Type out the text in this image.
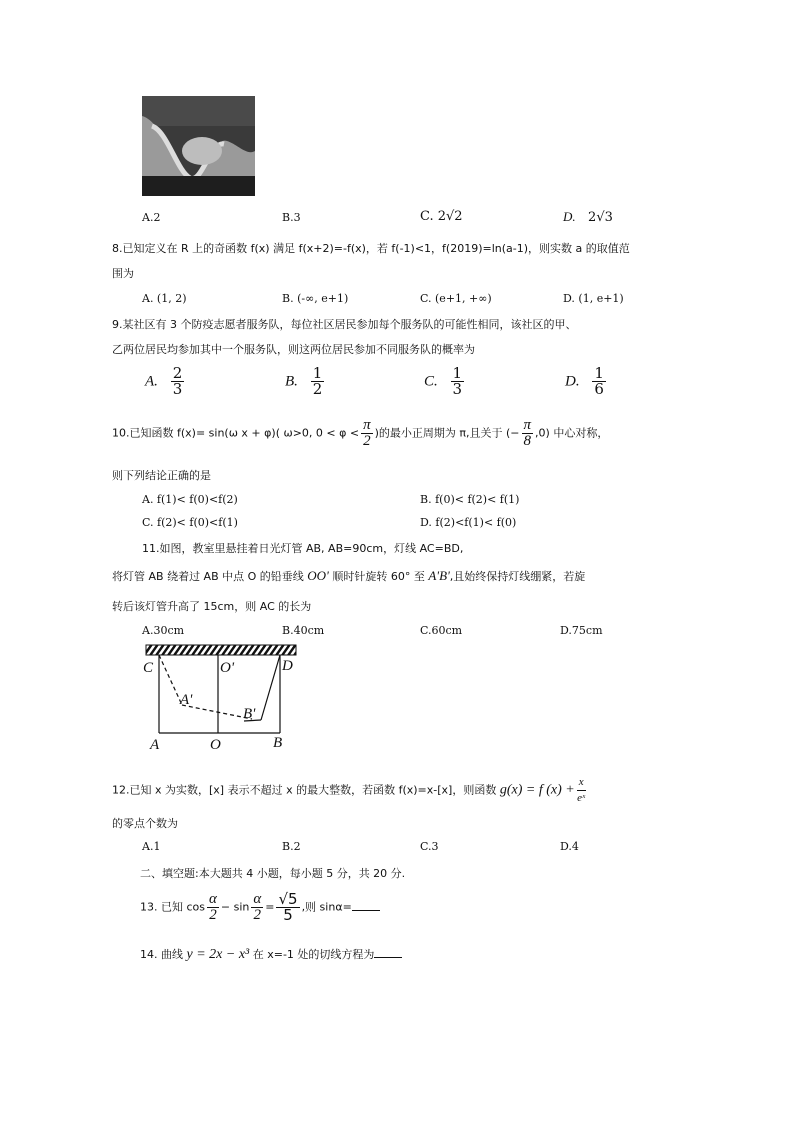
A.2	B.3	C. 2√2	D. 2√3
8.已知定义在 R 上的奇函数 f(x) 满足 f(x+2)=-f(x)，若 f(-1)<1，f(2019)=ln(a-1)，则实数 a 的取值范
围为
A. (1, 2)	B. (-∞, e+1)	C. (e+1, +∞)	D. (1, e+1)
9.某社区有 3 个防疫志愿者服务队，每位社区居民参加每个服务队的可能性相同，该社区的甲、
乙两位居民均参加其中一个服务队，则这两位居民参加不同服务队的概率为
A. $\frac{2}{3}$	B. $\frac{1}{2}$	C. $\frac{1}{3}$	D. $\frac{1}{6}$
10.已知函数 f(x)= sin(ω x + φ)( ω>0, $0 < \varphi < \frac{\pi}{2}$ )的最小正周期为 π,且关于 (− $\frac{\pi}{8} ,0$) 中心对称，
则下列结论正确的是
A. f(1)< f(0)<f(2)	B. f(0)< f(2)< f(1)
C. f(2)< f(0)<f(1)	D. f(2)<f(1)< f(0)
11.如图，教室里悬挂着日光灯管 AB, AB=90cm，灯线 AC=BD,
将灯管 AB 绕着过 AB 中点 O 的铅垂线 OO' 顺时针旋转 60° 至 A'B',且始终保持灯线绷紧，若旋
转后该灯管升高了 15cm，则 AC 的长为
A.30cm	B.40cm	C.60cm	D.75cm
C	O'	D
A'
B'
A	O	B
12.已知 x 为实数，[x] 表示不超过 x 的最大整数，若函数 f(x)=x-[x]，则函数 g(x) = f $(x) + \frac{x}{\text{eˣ}}$
的零点个数为
A.1	B.2	C.3	D.4
二、填空题:本大题共 4 小题，每小题 5 分，共 20 分.
13. 已知 $\cos \frac{\alpha}{2} - \sin \frac{\alpha}{2} = \frac{√5}{5}$ ,则 sinα=
14. 曲线 y = 2x − x³ 在 x=-1 处的切线方程为
